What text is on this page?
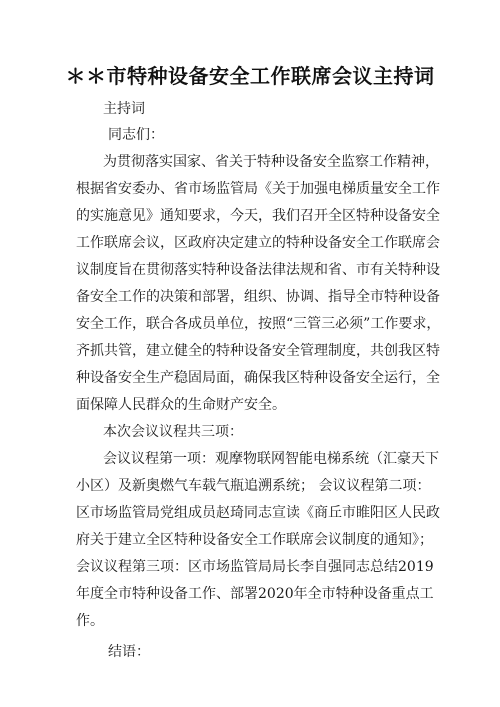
＊＊市特种设备安全工作联席会议主持词
主持词
同志们：
为贯彻落实国家、省关于特种设备安全监察工作精神，
根据省安委办、省市场监管局《关于加强电梯质量安全工作
的实施意见》通知要求，今天，我们召开全区特种设备安全
工作联席会议，区政府决定建立的特种设备安全工作联席会
议制度旨在贯彻落实特种设备法律法规和省、市有关特种设
备安全工作的决策和部署，组织、协调、指导全市特种设备
安全工作，联合各成员单位，按照“三管三必须”工作要求，
齐抓共管，建立健全的特种设备安全管理制度，共创我区特
种设备安全生产稳固局面，确保我区特种设备安全运行，全
面保障人民群众的生命财产安全。
本次会议议程共三项：
会议议程第一项：观摩物联网智能电梯系统（汇豪天下
小区）及新奥燃气车载气瓶追溯系统； 会议议程第二项：
区市场监管局党组成员赵琦同志宣读《商丘市睢阳区人民政
府关于建立全区特种设备安全工作联席会议制度的通知》；
会议议程第三项：区市场监管局局长李自强同志总结2019
年度全市特种设备工作、部署2020年全市特种设备重点工
作。
结语：
